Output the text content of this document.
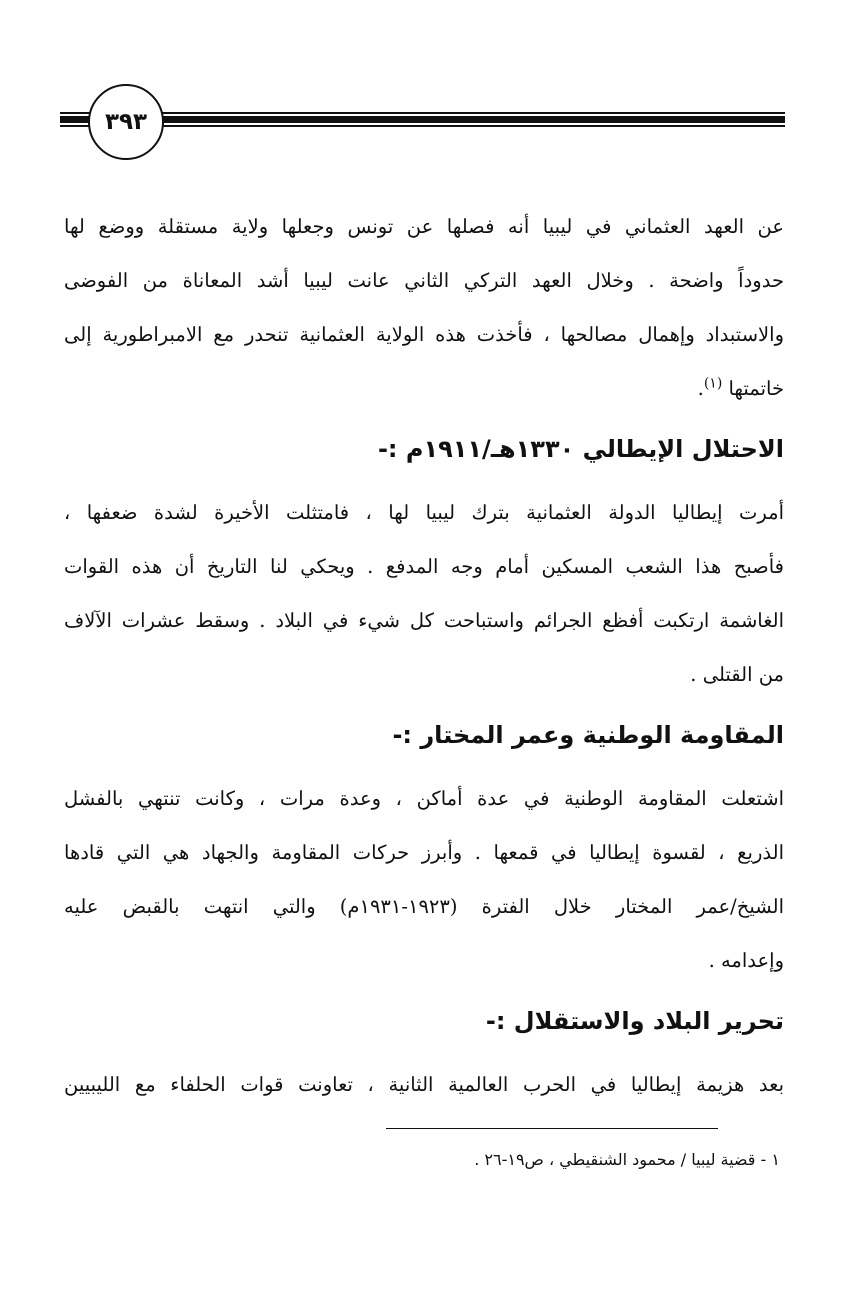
٣٩٣
عن العهد العثماني في ليبيا أنه فصلها عن تونس وجعلها ولاية مستقلة ووضع لها
حدوداً واضحة . وخلال العهد التركي الثاني عانت ليبيا أشد المعاناة من الفوضى
والاستبداد وإهمال مصالحها ، فأخذت هذه الولاية العثمانية تنحدر مع الامبراطورية إلى
خاتمتها $^{(١)}$.
الاحتلال الإيطالي ١٣٣٠هـ/١٩١١م :-
أمرت إيطاليا الدولة العثمانية بترك ليبيا لها ، فامتثلت الأخيرة لشدة ضعفها ،
فأصبح هذا الشعب المسكين أمام وجه المدفع . ويحكي لنا التاريخ أن هذه القوات
الغاشمة ارتكبت أفظع الجرائم واستباحت كل شيء في البلاد . وسقط عشرات الآلاف
من القتلى .
المقاومة الوطنية وعمر المختار :-
اشتعلت المقاومة الوطنية في عدة أماكن ، وعدة مرات ، وكانت تنتهي بالفشل
الذريع ، لقسوة إيطاليا في قمعها . وأبرز حركات المقاومة والجهاد هي التي قادها
الشيخ/عمر المختار خلال الفترة (١٩٢٣-١٩٣١م) والتي انتهت بالقبض عليه
وإعدامه .
تحرير البلاد والاستقلال :-
بعد هزيمة إيطاليا في الحرب العالمية الثانية ، تعاونت قوات الحلفاء مع الليبيين
١ - قضية ليبيا / محمود الشنقيطي ، ص١٩-٢٦ .
